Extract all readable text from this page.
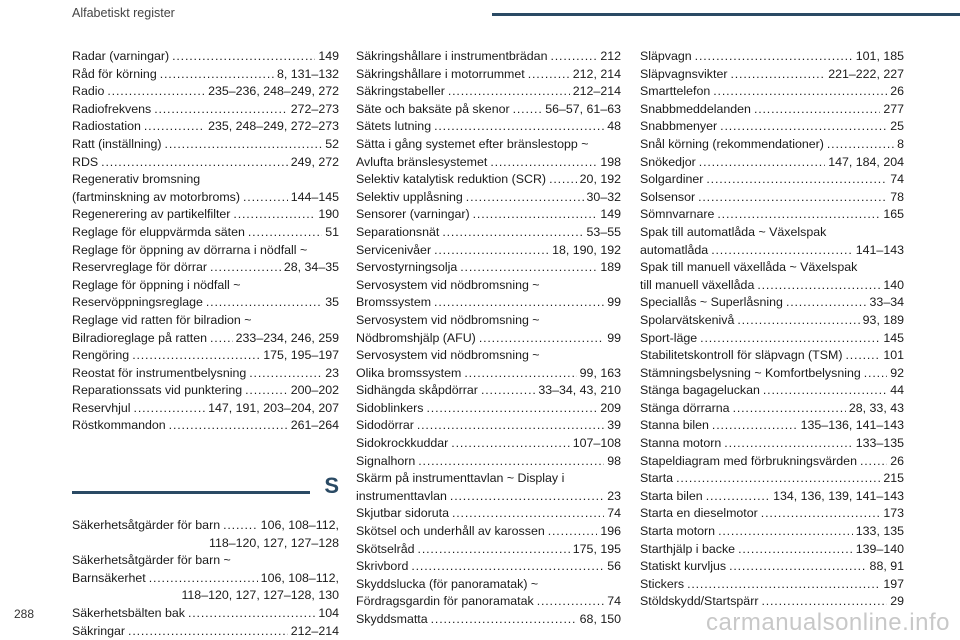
Alfabetiskt register
Radar (varningar) . . .	149
Råd för körning . . .	8, 131–132
Radio . . .	235–236, 248–249, 272
Radiofrekvens . . .	272–273
Radiostation . . .	235, 248–249, 272–273
Ratt (inställning) . . .	52
RDS . . .	249, 272
Regenerativ bromsning
(fartminskning av motorbroms) . . .	144–145
Regenerering av partikelfilter . . .	190
Reglage för eluppvärmda säten . . .	51
Reglage för öppning av dörrarna i nödfall ~
Reservreglage för dörrar . . .	28, 34–35
Reglage för öppning i nödfall ~
Reservöppningsreglage . . .	35
Reglage vid ratten för bilradion ~
Bilradioreglage på ratten . . . 233–234, 246, 259
Rengöring . . .	175, 195–197
Reostat för instrumentbelysning . . .	23
Reparationssats vid punktering . . .	200–202
Reservhjul . . .	147, 191, 203–204, 207
Röstkommandon . . .	261–264
S
Säkerhetsåtgärder för barn . . .	106, 108–112,
118–120, 127, 127–128
Säkerhetsåtgärder för barn ~
Barnsäkerhet . . .	106, 108–112,
118–120, 127, 127–128, 130
Säkerhetsbälten bak . . .	104
Säkringar . . .	212–214
Säkringshållare i instrumentbrädan . . .	212
Säkringshållare i motorrummet . . .	212, 214
Säkringstabeller . . .	212–214
Säte och baksäte på skenor . . .	56–57, 61–63
Sätets lutning . . .	48
Sätta i gång systemet efter bränslestopp ~
Avlufta bränslesystemet . . .	198
Selektiv katalytisk reduktion (SCR) . . .	20, 192
Selektiv upplåsning . . .	30–32
Sensorer (varningar) . . .	149
Separationsnät . . .	53–55
Servicenivåer . . .	18, 190, 192
Servostyrningsolja . . .	189
Servosystem vid nödbromsning ~
Bromssystem . . .	99
Servosystem vid nödbromsning ~
Nödbromshjälp (AFU) . . .	99
Servosystem vid nödbromsning ~
Olika bromssystem . . .	99, 163
Sidhängda skåpdörrar . . .	33–34, 43, 210
Sidoblinkers . . .	209
Sidodörrar . . .	39
Sidokrockkuddar . . .	107–108
Signalhorn . . .	98
Skärm på instrumenttavlan ~ Display i
instrumenttavlan . . .	23
Skjutbar sidoruta . . .	74
Skötsel och underhåll av karossen . . .	196
Skötselråd . . .	175, 195
Skrivbord . . .	56
Skyddslucka (för panoramatak) ~
Fördragsgardin för panoramatak . . .	74
Skyddsmatta . . .	68, 150
Släpvagn . . .	101, 185
Släpvagnsvikter . . .	221–222, 227
Smarttelefon . . .	26
Snabbmeddelanden . . .	277
Snabbmenyer . . .	25
Snål körning (rekommendationer) . . .	8
Snökedjor . . .	147, 184, 204
Solgardiner . . .	74
Solsensor . . .	78
Sömnvarnare . . .	165
Spak till automatlåda ~ Växelspak
automatlåda . . .	141–143
Spak till manuell växellåda ~ Växelspak
till manuell växellåda . . .	140
Speciallås ~ Superlåsning . . .	33–34
Spolarvätskenivå . . .	93, 189
Sport-läge . . .	145
Stabilitetskontroll för släpvagn (TSM) . . .	101
Stämningsbelysning ~ Komfortbelysning . . . 92
Stänga bagageluckan . . .	44
Stänga dörrarna . . .	28, 33, 43
Stanna bilen . . .	135–136, 141–143
Stanna motorn . . .	133–135
Stapeldiagram med förbrukningsvärden . . .	26
Starta . . .	215
Starta bilen . . .	134, 136, 139, 141–143
Starta en dieselmotor . . .	173
Starta motorn . . .	133, 135
Starthjälp i backe . . .	139–140
Statiskt kurvljus . . .	88, 91
Stickers . . .	197
Stöldskydd/Startspärr . . .	29
288	carmanualsonline.info
